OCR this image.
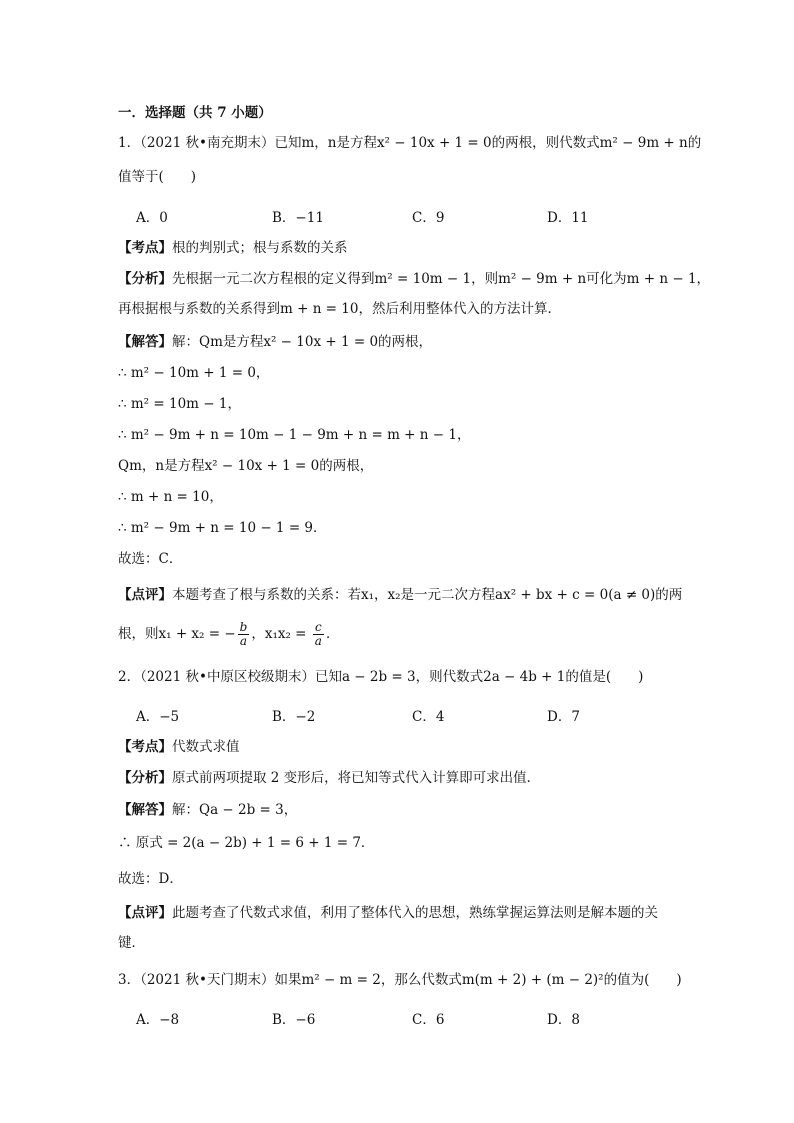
一．选择题（共 7 小题）
1．（2021 秋•南充期末）已知m，n是方程x² − 10x + 1 = 0的两根，则代数式m² − 9m + n的
值等于(　　)
A．0	B．−11	C．9	D．11
【考点】根的判别式；根与系数的关系
【分析】先根据一元二次方程根的定义得到m² = 10m − 1，则m² − 9m + n可化为m + n − 1，
再根据根与系数的关系得到m + n = 10，然后利用整体代入的方法计算．
【解答】解：Qm是方程x² − 10x + 1 = 0的两根，
∴ m² − 10m + 1 = 0，
∴ m² = 10m − 1，
∴ m² − 9m + n = 10m − 1 − 9m + n = m + n − 1，
Qm，n是方程x² − 10x + 1 = 0的两根，
∴ m + n = 10，
∴ m² − 9m + n = 10 − 1 = 9．
故选：C．
【点评】本题考查了根与系数的关系：若x₁，x₂是一元二次方程ax² + bx + c = 0(a ≠ 0)的两
根，则x₁ + x₂ = − $\frac{b}{a}$ ，$x_1x_2 = \frac{c}{a}$ ．
2．（2021 秋•中原区校级期末）已知a − 2b = 3，则代数式2a − 4b + 1的值是(　　)
A．−5	B．−2	C．4	D．7
【考点】代数式求值
【分析】原式前两项提取 2 变形后，将已知等式代入计算即可求出值．
【解答】解：Qa − 2b = 3，
∴ 原式 = 2(a − 2b) + 1 = 6 + 1 = 7．
故选：D．
【点评】此题考查了代数式求值，利用了整体代入的思想，熟练掌握运算法则是解本题的关
键．
3．（2021 秋•天门期末）如果m² − m = 2，那么代数式m(m + 2) + (m − 2)²的值为(　　)
A．−8	B．−6	C．6	D．8
